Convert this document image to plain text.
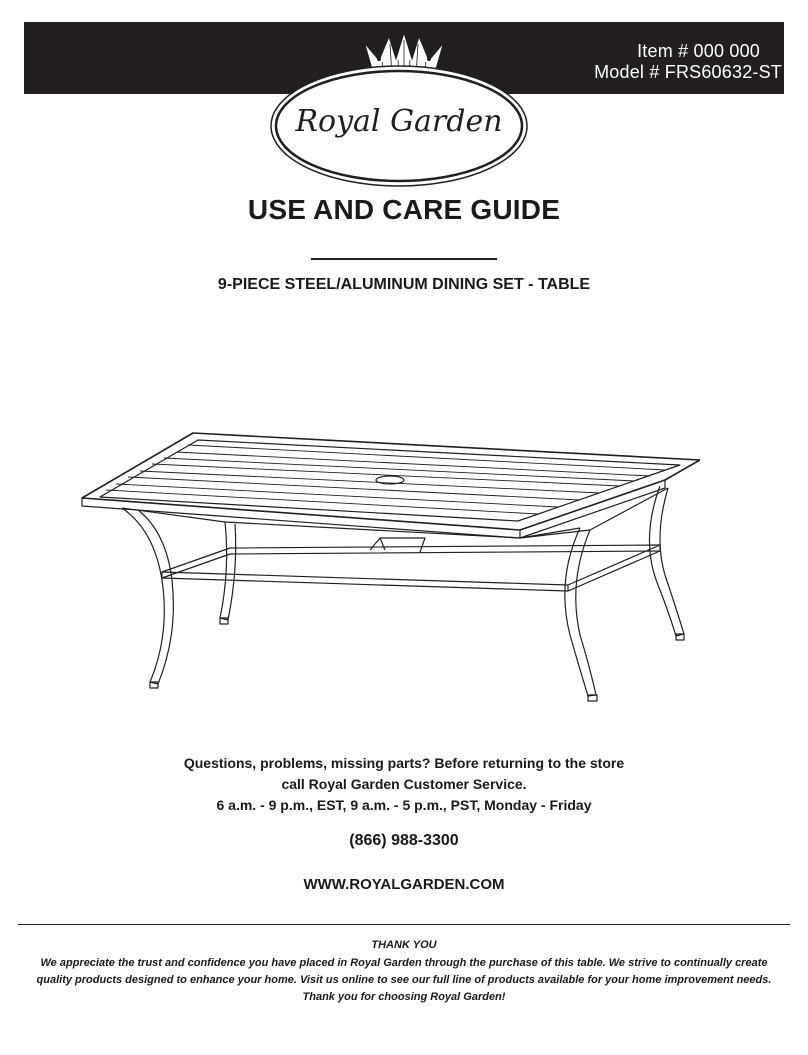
Item # 000 000
Model # FRS60632-ST
Royal Garden
USE AND CARE GUIDE
9-PIECE STEEL/ALUMINUM DINING SET - TABLE
Questions, problems, missing parts? Before returning to the store
call Royal Garden Customer Service.
6 a.m. - 9 p.m., EST, 9 a.m. - 5 p.m., PST, Monday - Friday
(866) 988-3300
WWW.ROYALGARDEN.COM
THANK YOU
We appreciate the trust and confidence you have placed in Royal Garden through the purchase of this table. We strive to continually create
quality products designed to enhance your home. Visit us online to see our full line of products available for your home improvement needs.
Thank you for choosing Royal Garden!
